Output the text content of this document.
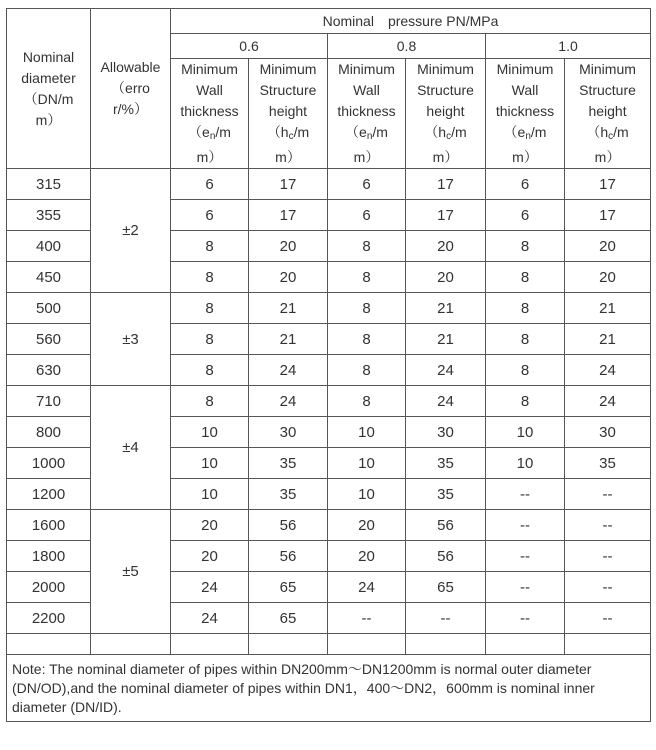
Nominal
diameter
（DN/m
m）	Allowable
（erro
r/%）	Nominal　pressure PN/MPa					
		0.6		0.8		1.0	
		Minimum
Wall
thickness
（$e_n/m$
m）	Minimum
Structure
height
（$h_c/m$
m）	Minimum
Wall
thickness
（$e_n/m$
m）	Minimum
Structure
height
（$h_c/m$
m）	Minimum
Wall
thickness
（$e_n/m$
m）	Minimum
Structure
height
（$h_c/m$
m）
315	±2	6	17	6	17	6	17
355		6	17	6	17	6	17
400		8	20	8	20	8	20
450		8	20	8	20	8	20
500	±3	8	21	8	21	8	21
560		8	21	8	21	8	21
630		8	24	8	24	8	24
710	±4	8	24	8	24	8	24
800		10	30	10	30	10	30
1000		10	35	10	35	10	35
1200		10	35	10	35	--	--
1600	±5	20	56	20	56	--	--
1800		20	56	20	56	--	--
2000		24	65	24	65	--	--
2200		24	65	--	--	--	--

Note: The nominal diameter of pipes within DN200mm～DN1200mm is normal outer diameter (DN/OD),and the nominal diameter of pipes within DN1，400～DN2，600mm is nominal inner diameter (DN/ID).							
